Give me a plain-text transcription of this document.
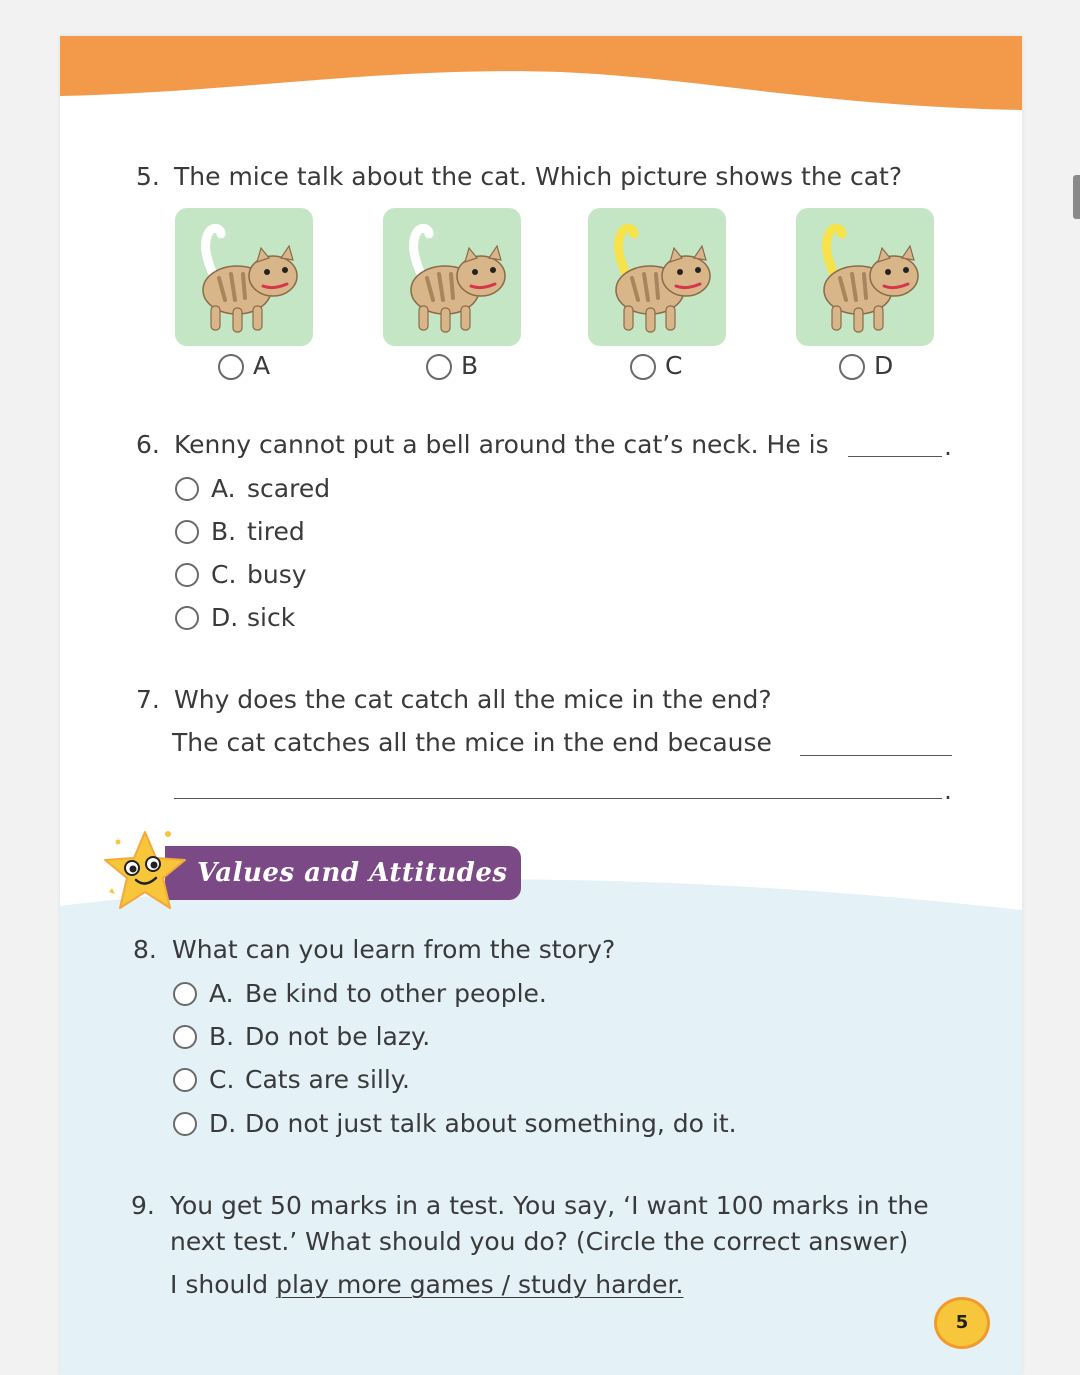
5. The mice talk about the cat. Which picture shows the cat?
A	B	C	D
6. Kenny cannot put a bell around the cat’s neck. He is	.
A. scared
B. tired
C. busy
D. sick
7. Why does the cat catch all the mice in the end?
The cat catches all the mice in the end because
.
Values and Attitudes
8. What can you learn from the story?
A. Be kind to other people.
B. Do not be lazy.
C. Cats are silly.
D. Do not just talk about something, do it.
9. You get 50 marks in a test. You say, ‘I want 100 marks in the
next test.’ What should you do? (Circle the correct answer)
I should play more games / study harder.
5
